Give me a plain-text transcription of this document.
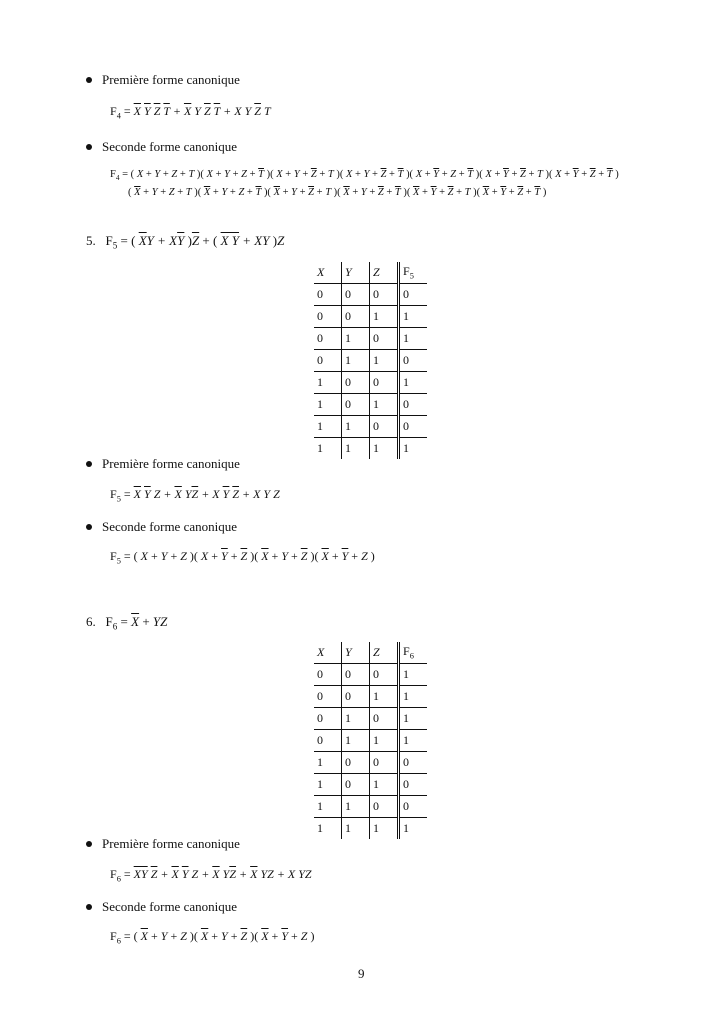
Première forme canonique
$F_4 = \overline{X}$ $\overline{Y}$ $\overline{Z}$ $\overline{T} + \overline{X}$ Y $\overline{Z}$ $\overline{T} + X$ Y $\overline{Z}$ T
Seconde forme canonique
$F_4$ = ( X + Y + Z + T )( $X + Y + Z + \overline{T}$ )( $X + Y + \overline{Z} + T$ )( $X + Y + \overline{Z} + \overline{T}$ )( $X + \overline{Y} + Z + \overline{T}$ )( $X + \overline{Y} + \overline{Z} + T$ )( $X + \overline{Y} + \overline{Z} + \overline{T}$ )
( $\overline{X} + Y + Z + T$ )( $\overline{X} + Y + Z + \overline{T}$ )( $\overline{X} + Y + \overline{Z} + T$ )( $\overline{X} + Y + \overline{Z} + \overline{T}$ )( $\overline{X} + \overline{Y} + \overline{Z} + T$ )( $\overline{X} + \overline{Y} + \overline{Z} + \overline{T}$ )
5.   $F_5$ = ( $\overline{X}Y + X\overline{Y}$ )$\overline{Z}$ + ( X Y + XY )Z
X	Y	Z	$F_5$
0	0	0	0
0	0	1	1
0	1	0	1
0	1	1	0
1	0	0	1
1	0	1	0
1	1	0	0
1	1	1	1
Première forme canonique
$F_5 = \overline{X}$ $\overline{Y}$ $Z + \overline{X}$ $Y\overline{Z} + X$ $\overline{Y}$ $\overline{Z} + X$ Y Z
Seconde forme canonique
$F_5$ = ( X + Y + Z )( $X + \overline{Y} + \overline{Z}$ )( $\overline{X} + Y + \overline{Z}$ )( $\overline{X} + \overline{Y} + Z$ )
6.   $F_6 = \overline{X}$ + YZ
X	Y	Z	$F_6$
0	0	0	1
0	0	1	1
0	1	0	1
0	1	1	1
1	0	0	0
1	0	1	0
1	1	0	0
1	1	1	1
Première forme canonique
$F_6 = \overline{X}\overline{Y}$ $\overline{Z} + \overline{X}$ $\overline{Y}$ $Z + \overline{X}$ $Y\overline{Z} + \overline{X}$ YZ + X YZ
Seconde forme canonique
$F_6$ = ( $\overline{X} + Y + Z$ )( $\overline{X} + Y + \overline{Z}$ )( $\overline{X} + \overline{Y} + Z$ )
9
